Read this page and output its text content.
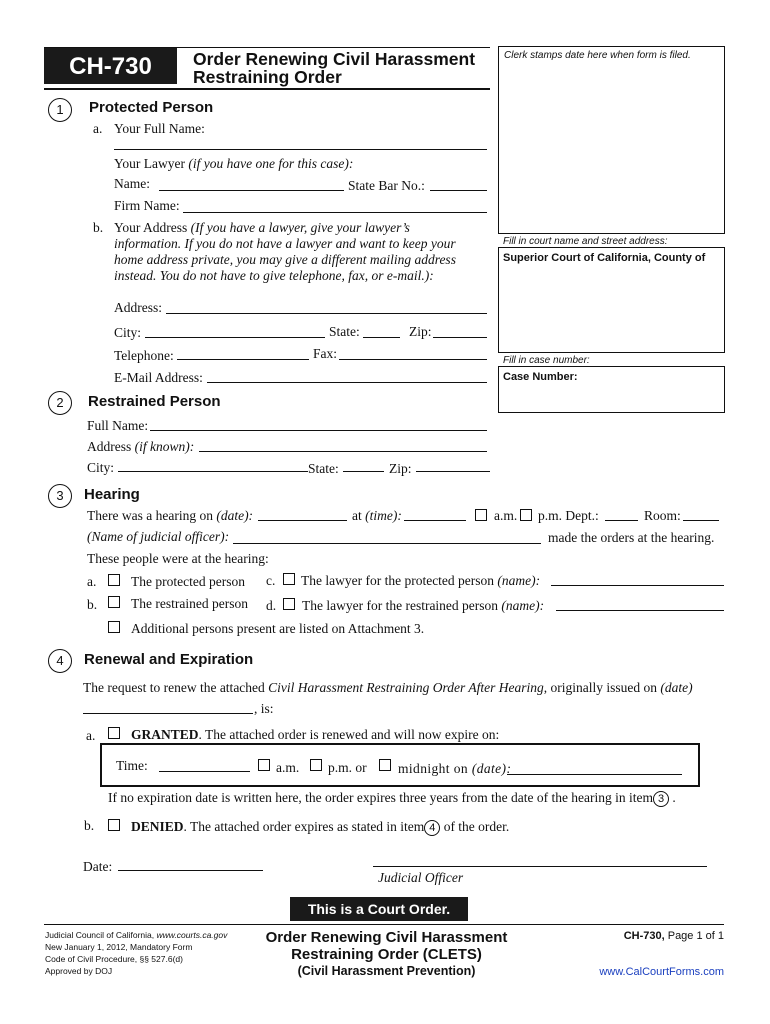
CH-730	Order Renewing Civil Harassment
Restraining Order
Clerk stamps date here when form is filed.
Fill in court name and street address:
Superior Court of California, County of
Fill in case number:
Case Number:
1	Protected Person
a. Your Full Name:
Your Lawyer (if you have one for this case):
Name:	State Bar No.:
Firm Name:
b. Your Address (If you have a lawyer, give your lawyer’s
information. If you do not have a lawyer and want to keep your
home address private, you may give a different mailing address
instead. You do not have to give telephone, fax, or e-mail.):
Address:
City:	State:	Zip:
Telephone:	Fax:
E-Mail Address:
2	Restrained Person
Full Name:
Address (if known):
City:	State:	Zip:
3	Hearing
There was a hearing on (date):	at (time):	a.m. p.m. Dept.:	Room:
(Name of judicial officer):	made the orders at the hearing.
These people were at the hearing:
a.	The protected person c. The lawyer for the protected person (name):
b.	The restrained person d. The lawyer for the restrained person (name):
Additional persons present are listed on Attachment 3.
4	Renewal and Expiration
The request to renew the attached Civil Harassment Restraining Order After Hearing, originally issued on (date)
, is:
a.	GRANTED. The attached order is renewed and will now expire on:
Time:	a.m. p.m. or midnight on (date):
If no expiration date is written here, the order expires three years from the date of the hearing in item 3 .
b.	DENIED. The attached order expires as stated in item 4 of the order.
Date:
Judicial Officer
This is a Court Order.
Judicial Council of California, www.courts.ca.gov
New January 1, 2012, Mandatory Form
Code of Civil Procedure, §§ 527.6(d)
Approved by DOJ
Order Renewing Civil Harassment
Restraining Order (CLETS)
(Civil Harassment Prevention)
CH-730, Page 1 of 1
www.CalCourtForms.com
